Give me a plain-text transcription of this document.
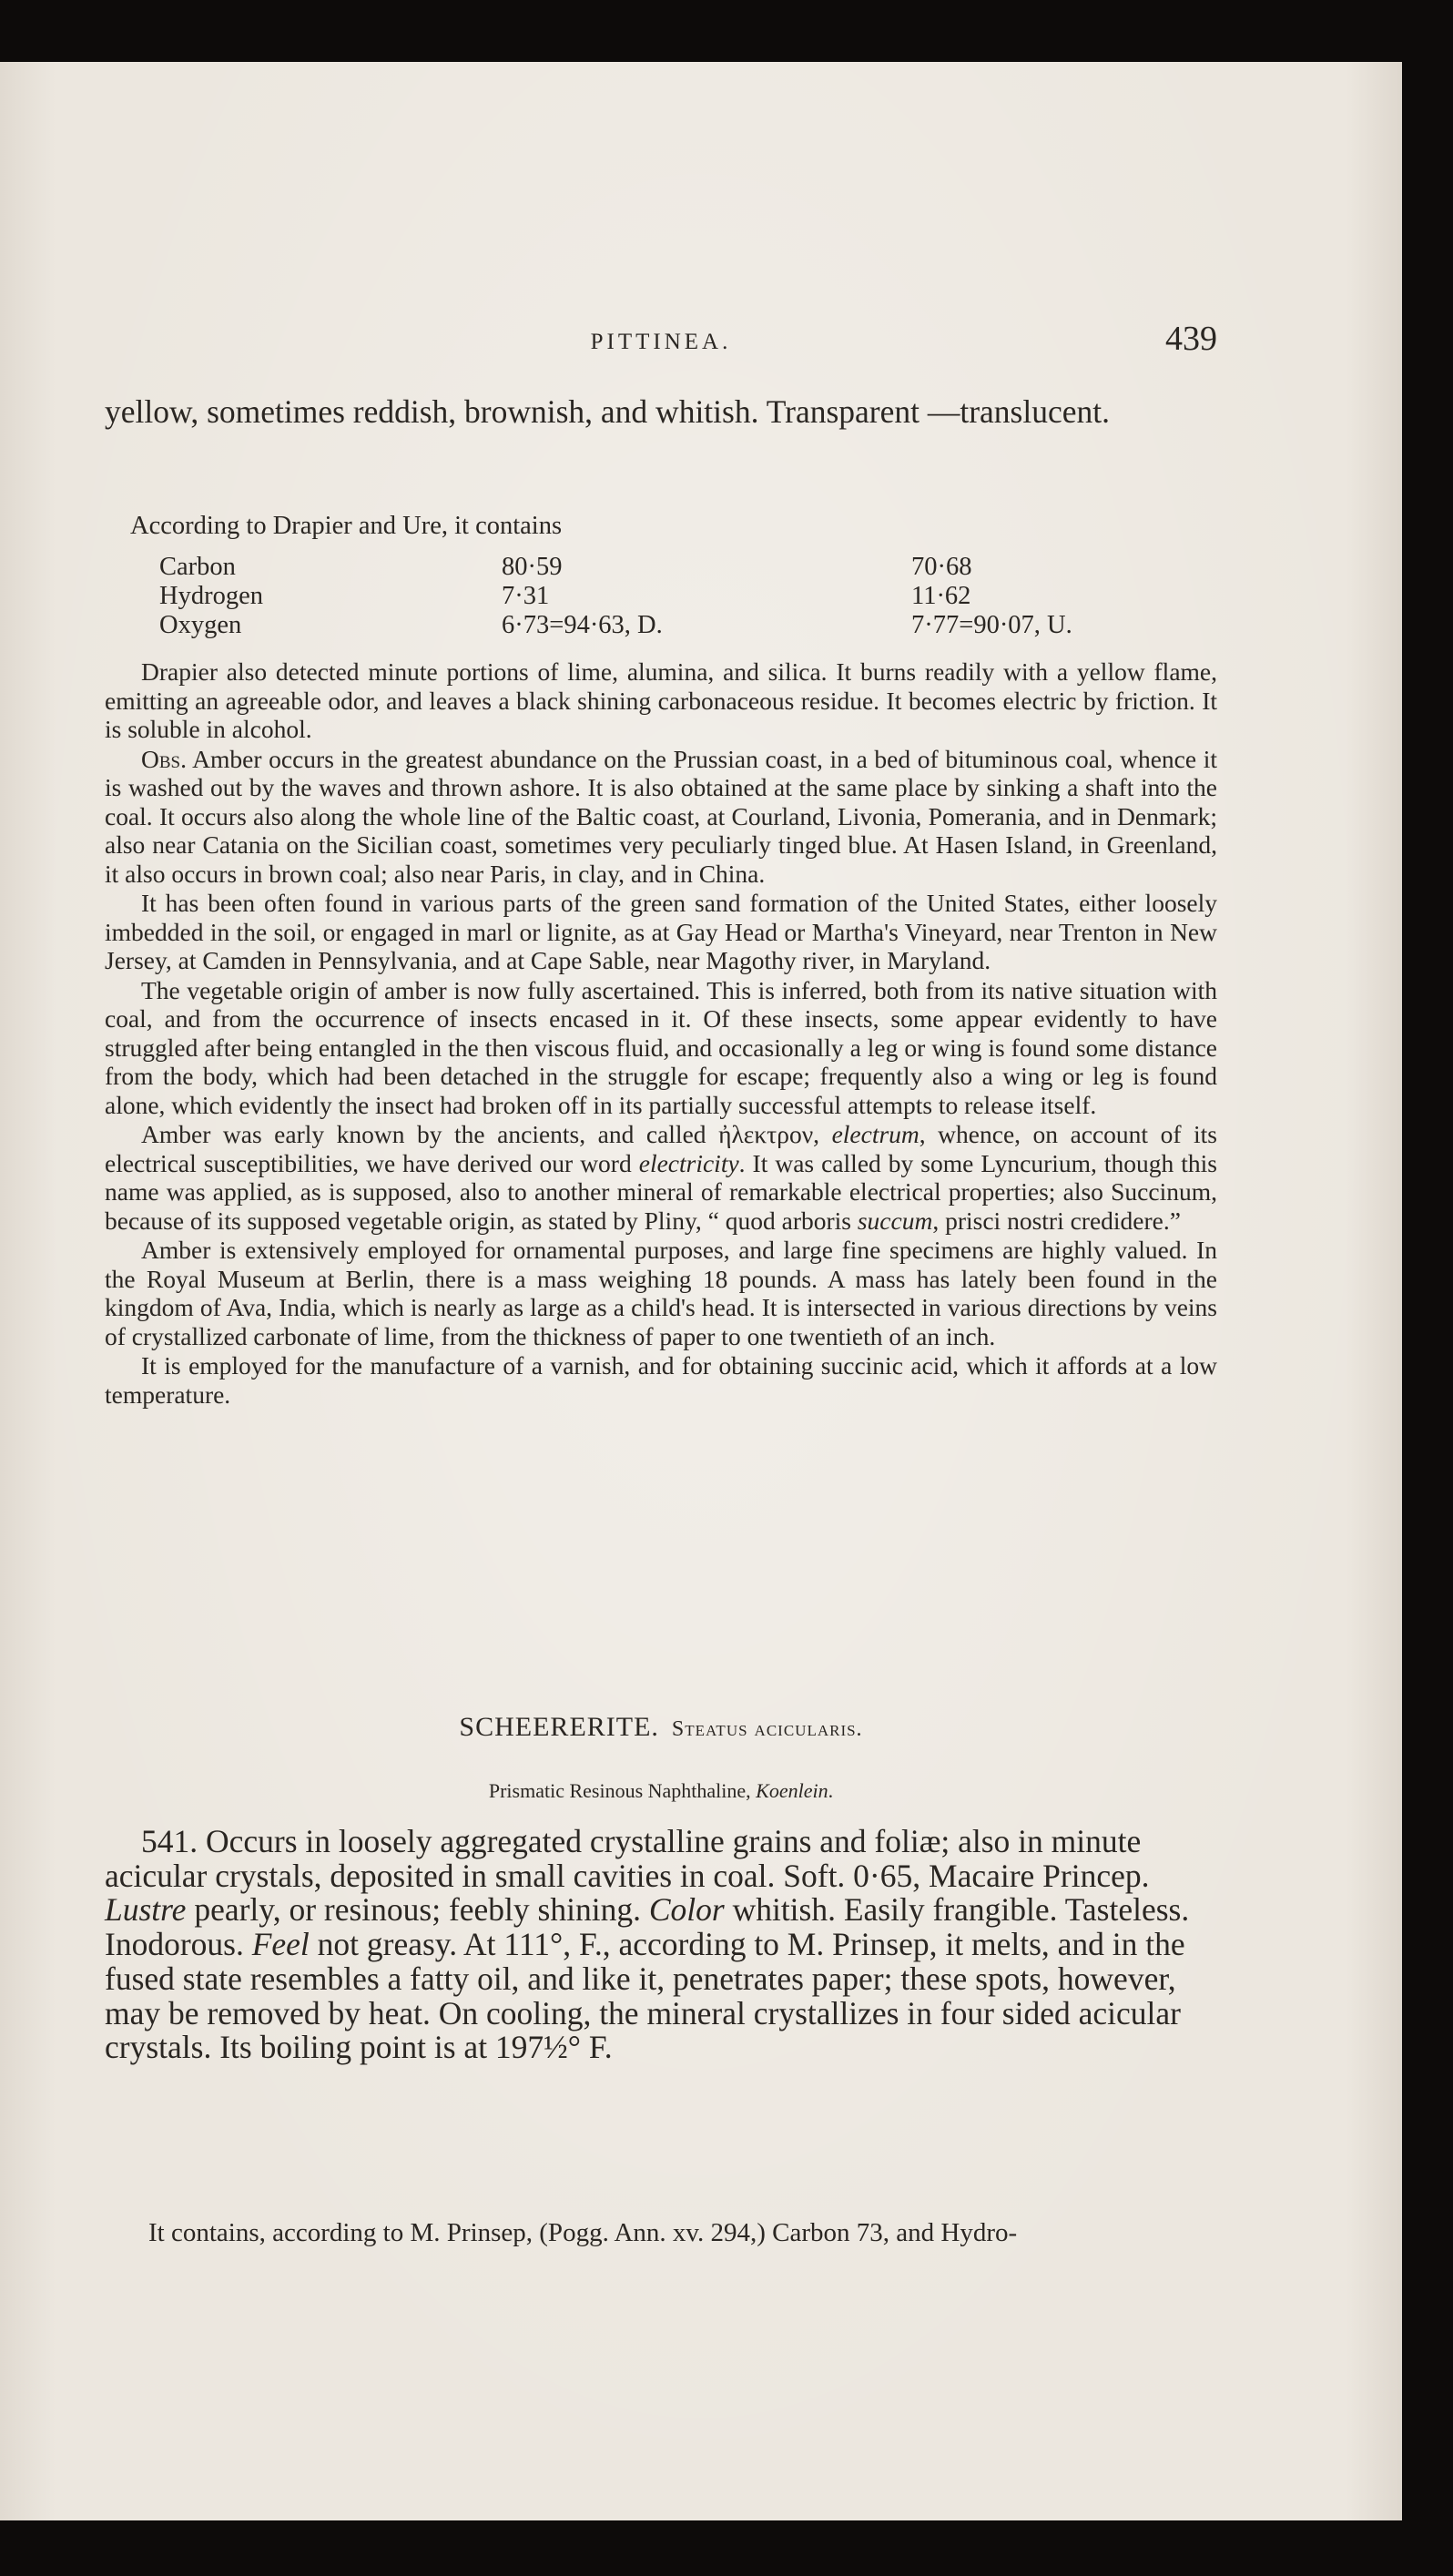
PITTINEA.	439

yellow, sometimes reddish, brownish, and whitish. Transparent —translucent.

According to Drapier and Ure, it contains
Carbon	80·59	70·68
Hydrogen	7·31	11·62
Oxygen	6·73=94·63, D.	7·77=90·07, U.

Drapier also detected minute portions of lime, alumina, and silica. It burns readily with a yellow flame, emitting an agreeable odor, and leaves a black shining carbonaceous residue. It becomes electric by friction. It is soluble in alcohol.

Obs. Amber occurs in the greatest abundance on the Prussian coast, in a bed of bituminous coal, whence it is washed out by the waves and thrown ashore. It is also obtained at the same place by sinking a shaft into the coal. It occurs also along the whole line of the Baltic coast, at Courland, Livonia, Pomerania, and in Denmark; also near Catania on the Sicilian coast, sometimes very peculiarly tinged blue. At Hasen Island, in Greenland, it also occurs in brown coal; also near Paris, in clay, and in China.

It has been often found in various parts of the green sand formation of the United States, either loosely imbedded in the soil, or engaged in marl or lignite, as at Gay Head or Martha's Vineyard, near Trenton in New Jersey, at Camden in Pennsylvania, and at Cape Sable, near Magothy river, in Maryland.

The vegetable origin of amber is now fully ascertained. This is inferred, both from its native situation with coal, and from the occurrence of insects encased in it. Of these insects, some appear evidently to have struggled after being entangled in the then viscous fluid, and occasionally a leg or wing is found some distance from the body, which had been detached in the struggle for escape; frequently also a wing or leg is found alone, which evidently the insect had broken off in its partially successful attempts to release itself.

Amber was early known by the ancients, and called ἠλεκτρον, electrum, whence, on account of its electrical susceptibilities, we have derived our word electricity. It was called by some Lyncurium, though this name was applied, as is supposed, also to another mineral of remarkable electrical properties; also Succinum, because of its supposed vegetable origin, as stated by Pliny, “ quod arboris succum, prisci nostri credidere.”

Amber is extensively employed for ornamental purposes, and large fine specimens are highly valued. In the Royal Museum at Berlin, there is a mass weighing 18 pounds. A mass has lately been found in the kingdom of Ava, India, which is nearly as large as a child's head. It is intersected in various directions by veins of crystallized carbonate of lime, from the thickness of paper to one twentieth of an inch.

It is employed for the manufacture of a varnish, and for obtaining succinic acid, which it affords at a low temperature.

SCHEERERITE. Steatus acicularis.
Prismatic Resinous Naphthaline, Koenlein.

541. Occurs in loosely aggregated crystalline grains and foliæ; also in minute acicular crystals, deposited in small cavities in coal. Soft. 0·65, Macaire Princep. Lustre pearly, or resinous; feebly shining. Color whitish. Easily frangible. Tasteless. Inodorous. Feel not greasy. At 111°, F., according to M. Prinsep, it melts, and in the fused state resembles a fatty oil, and like it, penetrates paper; these spots, however, may be removed by heat. On cooling, the mineral crystallizes in four sided acicular crystals. Its boiling point is at 197½° F.

It contains, according to M. Prinsep, (Pogg. Ann. xv. 294,) Carbon 73, and Hydro-
